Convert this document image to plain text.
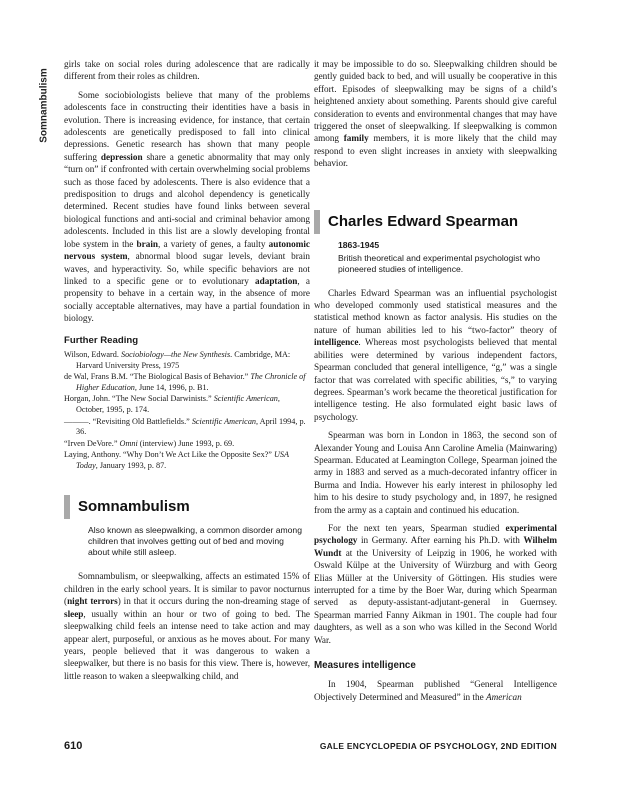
Somnambulism

girls take on social roles during adolescence that are radically different from their roles as children.

Some sociobiologists believe that many of the problems adolescents face in constructing their identities have a basis in evolution. There is increasing evidence, for instance, that certain adolescents are genetically predisposed to fall into clinical depressions. Genetic research has shown that many people suffering depression share a genetic abnormality that may only “turn on” if confronted with certain overwhelming social problems such as those faced by adolescents. There is also evidence that a predisposition to drugs and alcohol dependency is genetically determined. Recent studies have found links between several biological functions and anti-social and criminal behavior among adolescents. Included in this list are a slowly developing frontal lobe system in the brain, a variety of genes, a faulty autonomic nervous system, abnormal blood sugar levels, deviant brain waves, and hyperactivity. So, while specific behaviors are not linked to a specific gene or to evolutionary adaptation, a propensity to behave in a certain way, in the absence of more socially acceptable alternatives, may have a partial foundation in biology.

Further Reading
Wilson, Edward. Sociobiology—the New Synthesis. Cambridge, MA: Harvard University Press, 1975
de Wal, Frans B.M. “The Biological Basis of Behavior.” The Chronicle of Higher Education, June 14, 1996, p. B1.
Horgan, John. “The New Social Darwinists.” Scientific American, October, 1995, p. 174.
———. “Revisiting Old Battlefields.” Scientific American, April 1994, p. 36.
“Irven DeVore.” Omni (interview) June 1993, p. 69.
Laying, Anthony. “Why Don’t We Act Like the Opposite Sex?” USA Today, January 1993, p. 87.
Somnambulism
Also known as sleepwalking, a common disorder among children that involves getting out of bed and moving about while still asleep.

Somnambulism, or sleepwalking, affects an estimated 15% of children in the early school years. It is similar to pavor nocturnus (night terrors) in that it occurs during the non-dreaming stage of sleep, usually within an hour or two of going to bed. The sleepwalking child feels an intense need to take action and may appear alert, purposeful, or anxious as he moves about. For many years, people believed that it was dangerous to waken a sleepwalker, but there is no basis for this view. There is, however, little reason to waken a sleepwalking child, and

it may be impossible to do so. Sleepwalking children should be gently guided back to bed, and will usually be cooperative in this effort. Episodes of sleepwalking may be signs of a child’s heightened anxiety about something. Parents should give careful consideration to events and environmental changes that may have triggered the onset of sleepwalking. If sleepwalking is common among family members, it is more likely that the child may respond to even slight increases in anxiety with sleepwalking behavior.

Charles Edward Spearman
1863-1945
British theoretical and experimental psychologist who pioneered studies of intelligence.

Charles Edward Spearman was an influential psychologist who developed commonly used statistical measures and the statistical method known as factor analysis. His studies on the nature of human abilities led to his “two-factor” theory of intelligence. Whereas most psychologists believed that mental abilities were determined by various independent factors, Spearman concluded that general intelligence, “g,” was a single factor that was correlated with specific abilities, “s,” to varying degrees. Spearman’s work became the theoretical justification for intelligence testing. He also formulated eight basic laws of psychology.

Spearman was born in London in 1863, the second son of Alexander Young and Louisa Ann Caroline Amelia (Mainwaring) Spearman. Educated at Leamington College, Spearman joined the army in 1883 and served as a much-decorated infantry officer in Burma and India. However his early interest in philosophy led him to his desire to study psychology and, in 1897, he resigned from the army as a captain and continued his education.

For the next ten years, Spearman studied experimental psychology in Germany. After earning his Ph.D. with Wilhelm Wundt at the University of Leipzig in 1906, he worked with Oswald Külpe at the University of Würzburg and with Georg Elias Müller at the University of Göttingen. His studies were interrupted for a time by the Boer War, during which Spearman served as deputy-assistant-adjutant-general in Guernsey. Spearman married Fanny Aikman in 1901. The couple had four daughters, as well as a son who was killed in the Second World War.

Measures intelligence

In 1904, Spearman published “General Intelligence Objectively Determined and Measured” in the American

610	GALE ENCYCLOPEDIA OF PSYCHOLOGY, 2ND EDITION
